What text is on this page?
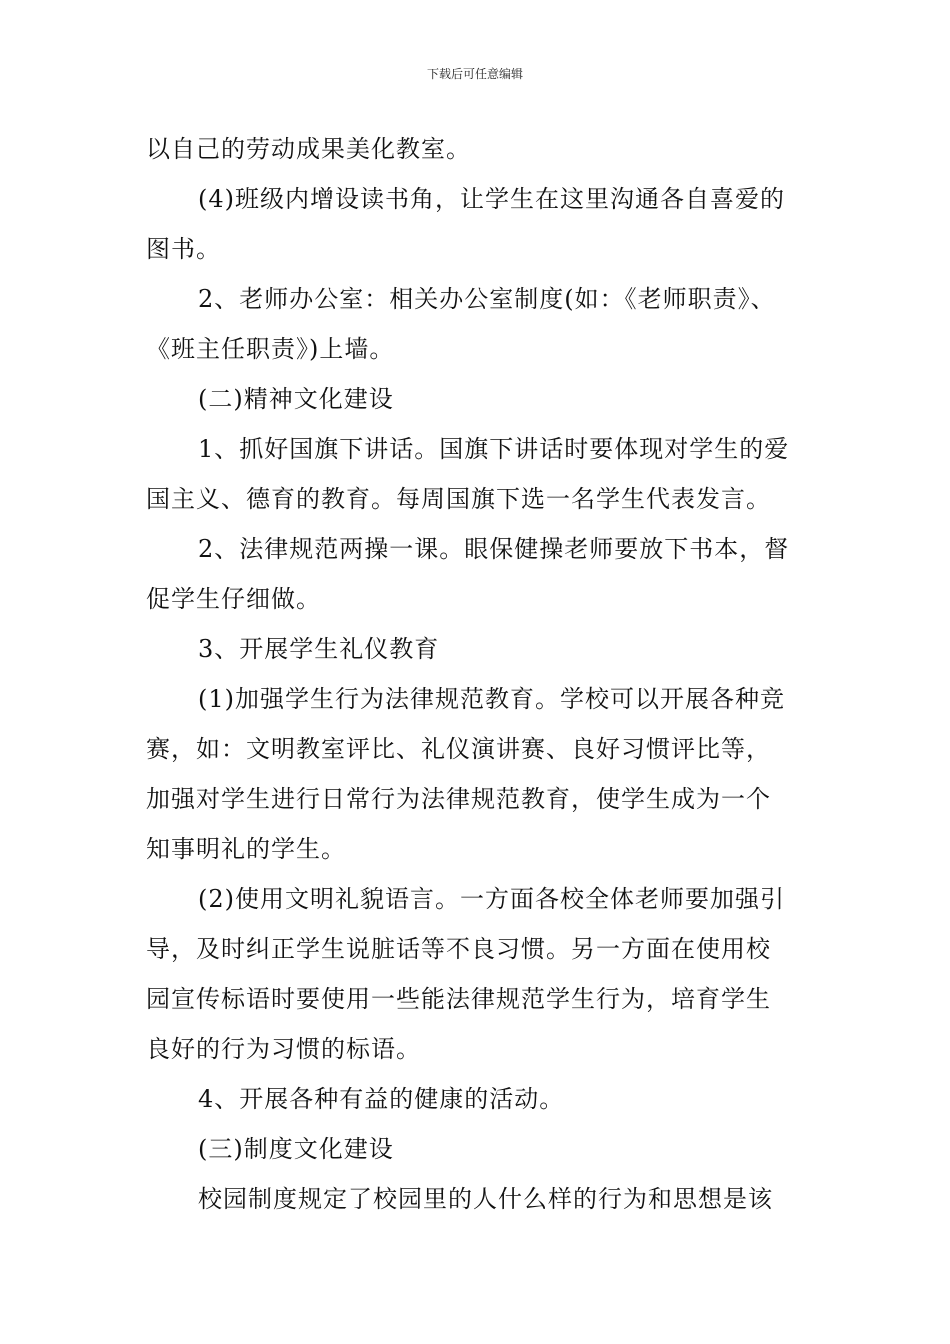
下载后可任意编辑
以自己的劳动成果美化教室。
(4)班级内增设读书角，让学生在这里沟通各自喜爱的
图书。
2、老师办公室：相关办公室制度(如：《老师职责》、
《班主任职责》)上墙。
(二)精神文化建设
1、抓好国旗下讲话。国旗下讲话时要体现对学生的爱
国主义、德育的教育。每周国旗下选一名学生代表发言。
2、法律规范两操一课。眼保健操老师要放下书本，督
促学生仔细做。
3、开展学生礼仪教育
(1)加强学生行为法律规范教育。学校可以开展各种竞
赛，如：文明教室评比、礼仪演讲赛、良好习惯评比等，
加强对学生进行日常行为法律规范教育，使学生成为一个
知事明礼的学生。
(2)使用文明礼貌语言。一方面各校全体老师要加强引
导，及时纠正学生说脏话等不良习惯。另一方面在使用校
园宣传标语时要使用一些能法律规范学生行为，培育学生
良好的行为习惯的标语。
4、开展各种有益的健康的活动。
(三)制度文化建设
校园制度规定了校园里的人什么样的行为和思想是该
